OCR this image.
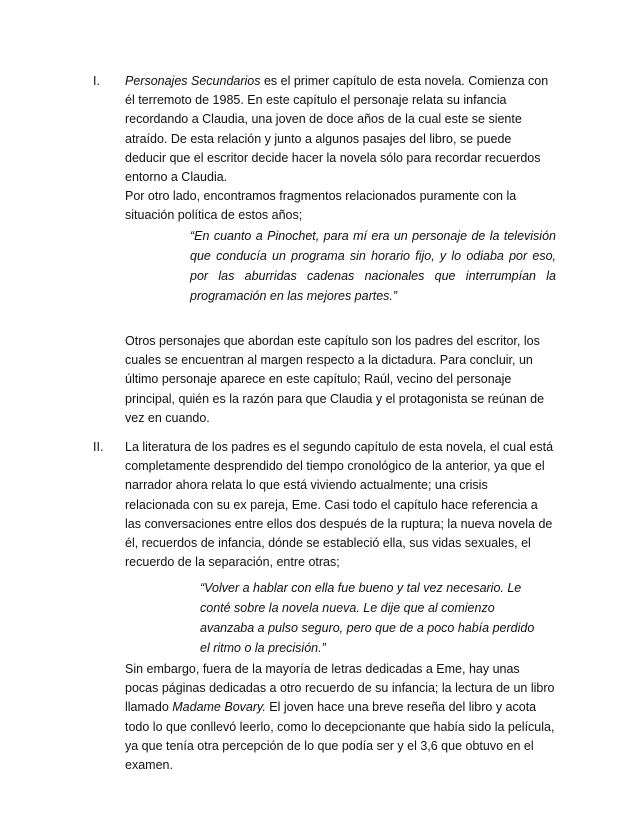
I. Personajes Secundarios es el primer capítulo de esta novela. Comienza con él terremoto de 1985. En este capítulo el personaje relata su infancia recordando a Claudia, una joven de doce años de la cual este se siente atraído. De esta relación y junto a algunos pasajes del libro, se puede deducir que el escritor decide hacer la novela sólo para recordar recuerdos entorno a Claudia.

Por otro lado, encontramos fragmentos relacionados puramente con la situación política de estos años;

“En cuanto a Pinochet, para mí era un personaje de la televisión que conducía un programa sin horario fijo, y lo odiaba por eso, por las aburridas cadenas nacionales que interrumpían la programación en las mejores partes.”
Otros personajes que abordan este capítulo son los padres del escritor, los cuales se encuentran al margen respecto a la dictadura. Para concluir, un último personaje aparece en este capítulo; Raúl, vecino del personaje principal, quién es la razón para que Claudia y el protagonista se reúnan de vez en cuando.
II. La literatura de los padres es el segundo capítulo de esta novela, el cual está completamente desprendido del tiempo cronológico de la anterior, ya que el narrador ahora relata lo que está viviendo actualmente; una crisis relacionada con su ex pareja, Eme. Casi todo el capítulo hace referencia a las conversaciones entre ellos dos después de la ruptura; la nueva novela de él, recuerdos de infancia, dónde se estableció ella, sus vidas sexuales, el recuerdo de la separación, entre otras;
“Volver a hablar con ella fue bueno y tal vez necesario. Le conté sobre la novela nueva. Le dije que al comienzo avanzaba a pulso seguro, pero que de a poco había perdido el ritmo o la precisión.”

Sin embargo, fuera de la mayoría de letras dedicadas a Eme, hay unas pocas páginas dedicadas a otro recuerdo de su infancia; la lectura de un libro llamado Madame Bovary. El joven hace una breve reseña del libro y acota todo lo que conllevó leerlo, como lo decepcionante que había sido la película, ya que tenía otra percepción de lo que podía ser y el 3,6 que obtuvo en el examen.
